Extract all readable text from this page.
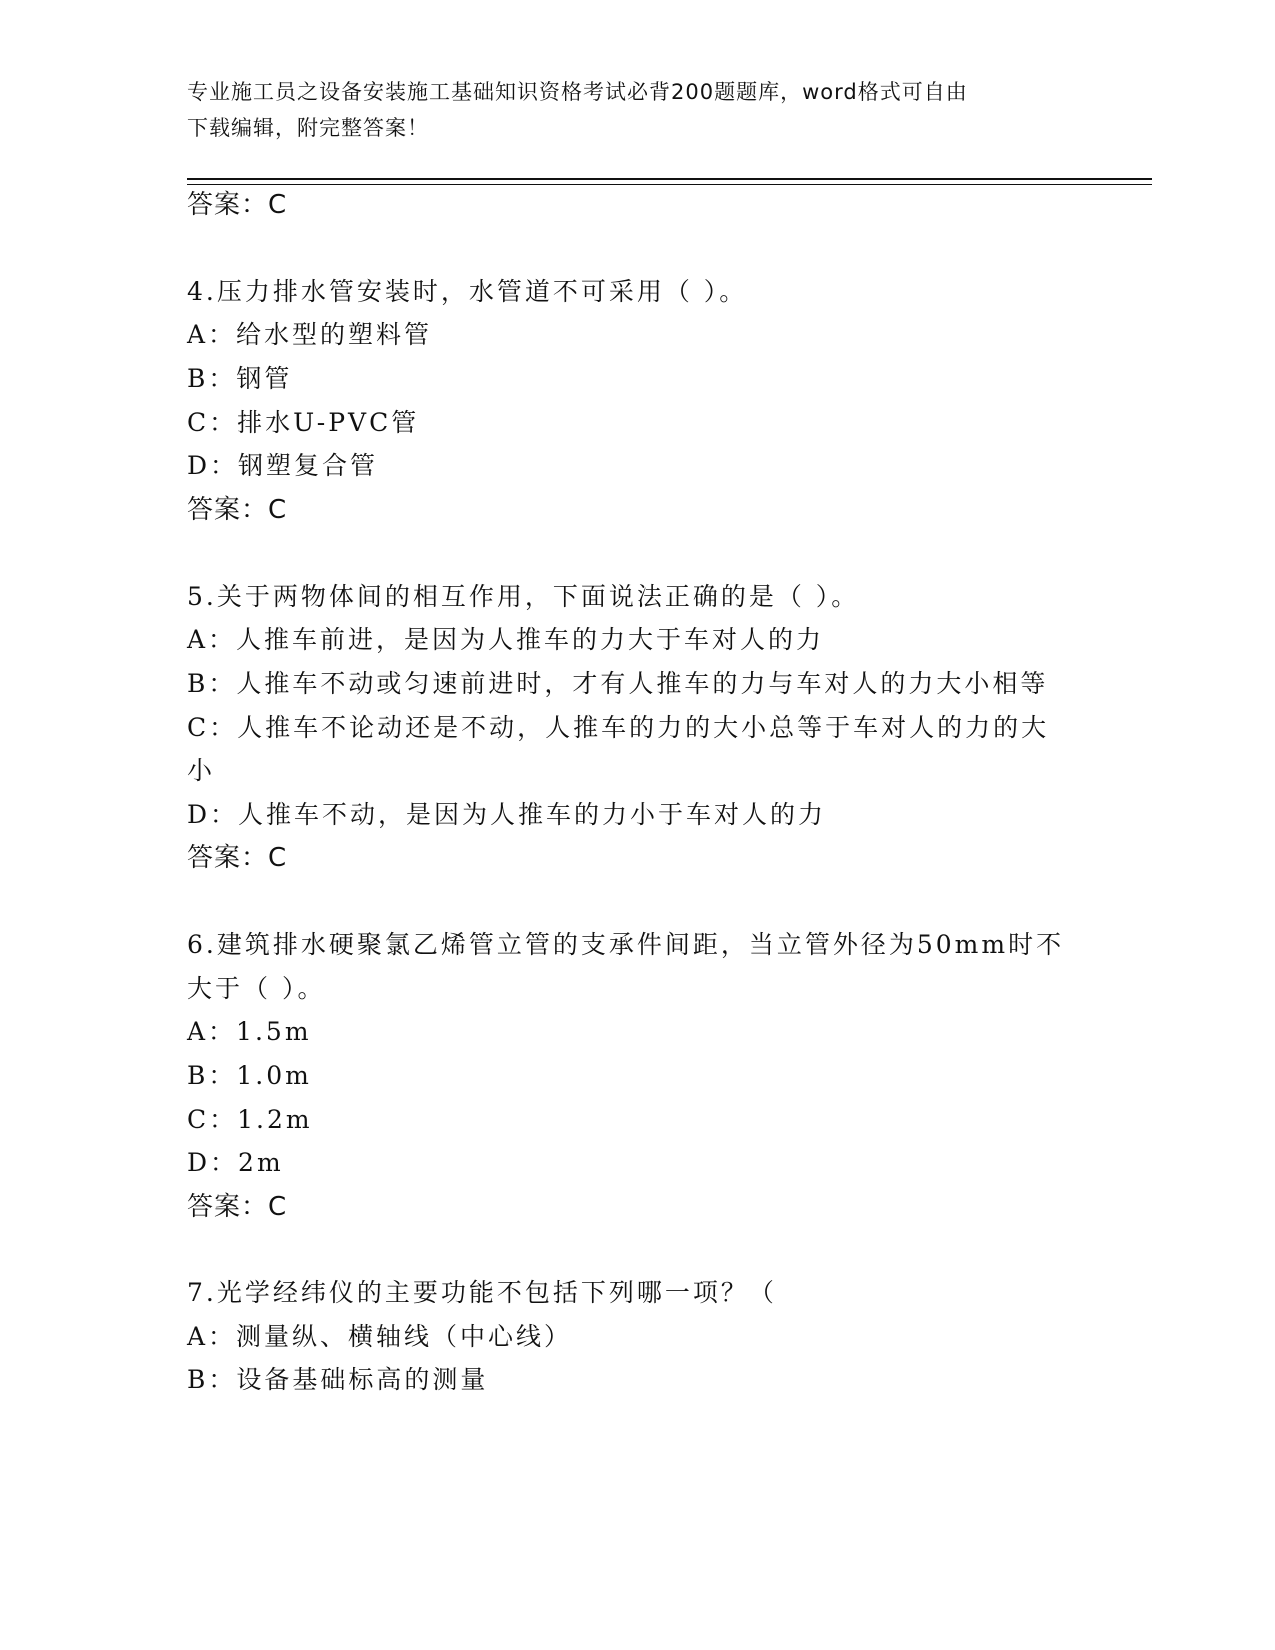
专业施工员之设备安装施工基础知识资格考试必背200题题库，word格式可自由
下载编辑，附完整答案！
答案：C
4.压力排水管安装时，水管道不可采用（ ）。
A：给水型的塑料管
B：钢管
C：排水U-PVC管
D：钢塑复合管
答案：C
5.关于两物体间的相互作用，下面说法正确的是（ ）。
A：人推车前进，是因为人推车的力大于车对人的力
B：人推车不动或匀速前进时，才有人推车的力与车对人的力大小相等
C：人推车不论动还是不动，人推车的力的大小总等于车对人的力的大
小
D：人推车不动，是因为人推车的力小于车对人的力
答案：C
6.建筑排水硬聚氯乙烯管立管的支承件间距，当立管外径为50mm时不
大于（ ）。
A：1.5m
B：1.0m
C：1.2m
D：2m
答案：C
7.光学经纬仪的主要功能不包括下列哪一项？（
A：测量纵、横轴线（中心线）
B：设备基础标高的测量
